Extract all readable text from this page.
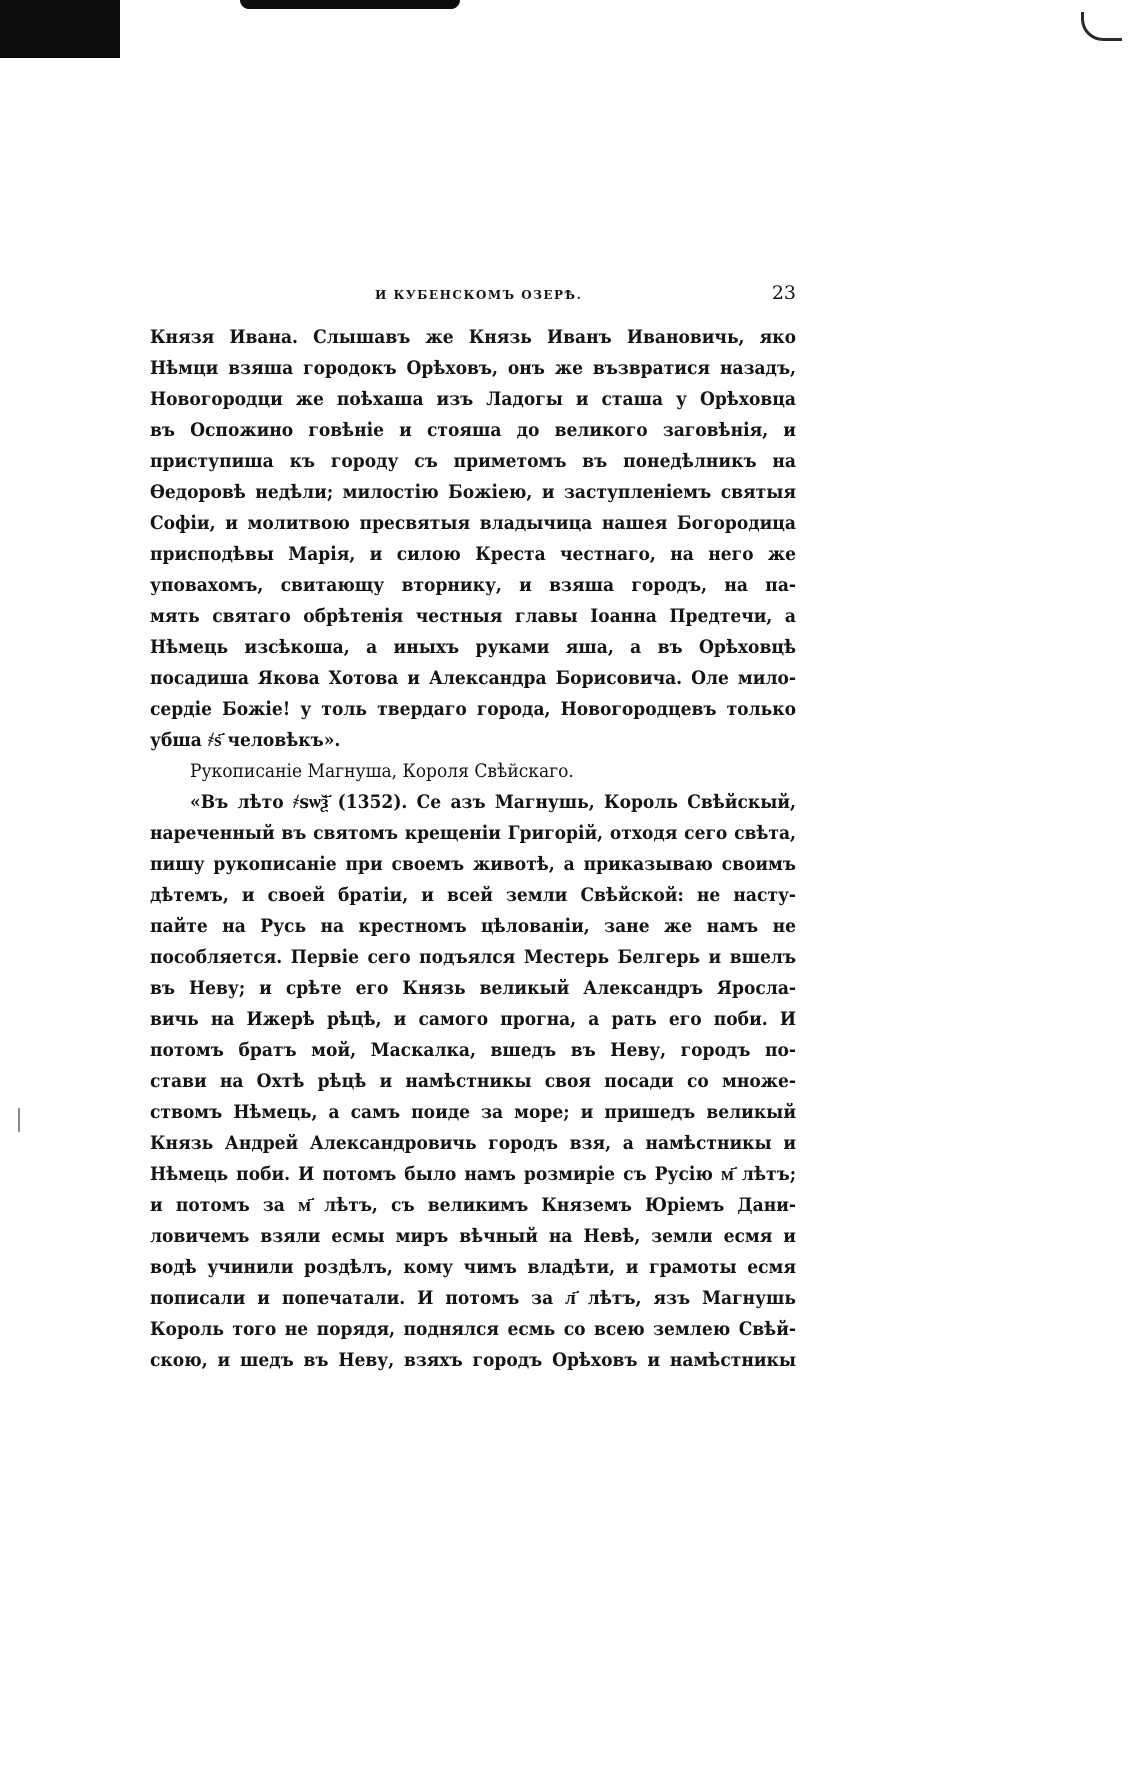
И КУБЕНСКОМЪ ОЗЕРѢ.	23
Князя Ивана. Слышавъ же Князь Иванъ Ивановичь, яко
Нѣмци взяша городокъ Орѣховъ, онъ же възвратися назадъ,
Новогородци же поѣхаша изъ Ладогы и сташа у Орѣховца
въ Оспожино говѣніе и стояша до великого заговѣнія, и
приступиша къ городу съ приметомъ въ понедѣлникъ на
Ѳедоровѣ недѣли; милостію Божіею, и заступленіемъ святыя
Софіи, и молитвою пресвятыя владычица нашея Богородица
присподѣвы Марія, и силою Креста честнаго, на него же
уповахомъ, свитающу вторнику, и взяша городъ, на па-
мять святаго обрѣтенія честныя главы Іоанна Предтечи, а
Нѣмець изсѣкоша, а иныхъ руками яша, а въ Орѣховцѣ
посадиша Якова Хотова и Александра Борисовича. Оле мило-
сердіе Божіе! у толь твердаго города, Новогородцевъ только
убша ҂ѕ҃ человѣкъ».
Рукописаніе Магнуша, Короля Свѣйскаго.
«Въ лѣто ҂ѕѡѯ҃ (1352). Се азъ Магнушь, Король Свѣйскый,
нареченный въ святомъ крещеніи Григорій, отходя сего свѣта,
пишу рукописаніе при своемъ животѣ, а приказываю своимъ
дѣтемъ, и своей братіи, и всей земли Свѣйской: не насту-
пайте на Русь на крестномъ цѣлованіи, зане же намъ не
пособляется. Первіе сего подъялся Местерь Белгерь и вшелъ
въ Неву; и срѣте его Князь великый Александръ Яросла-
вичь на Ижерѣ рѣцѣ, и самого прогна, а рать его поби. И
потомъ братъ мой, Маскалка, вшедъ въ Неву, городъ по-
стави на Охтѣ рѣцѣ и намѣстникы своя посади со множе-
ствомъ Нѣмець, а самъ поиде за море; и пришедъ великый
Князь Андрей Александровичь городъ взя, а намѣстникы и
Нѣмець поби. И потомъ было намъ розмиріе съ Русію м҃ лѣтъ;
и потомъ за м҃ лѣтъ, съ великимъ Княземъ Юріемъ Дани-
ловичемъ взяли есмы миръ вѣчный на Невѣ, земли есмя и
водѣ учинили роздѣлъ, кому чимъ владѣти, и грамоты есмя
пописали и попечатали. И потомъ за л҃ лѣтъ, язъ Магнушь
Король того не порядя, поднялся есмь со всею землею Свѣй-
скою, и шедъ въ Неву, взяхъ городъ Орѣховъ и намѣстникы
